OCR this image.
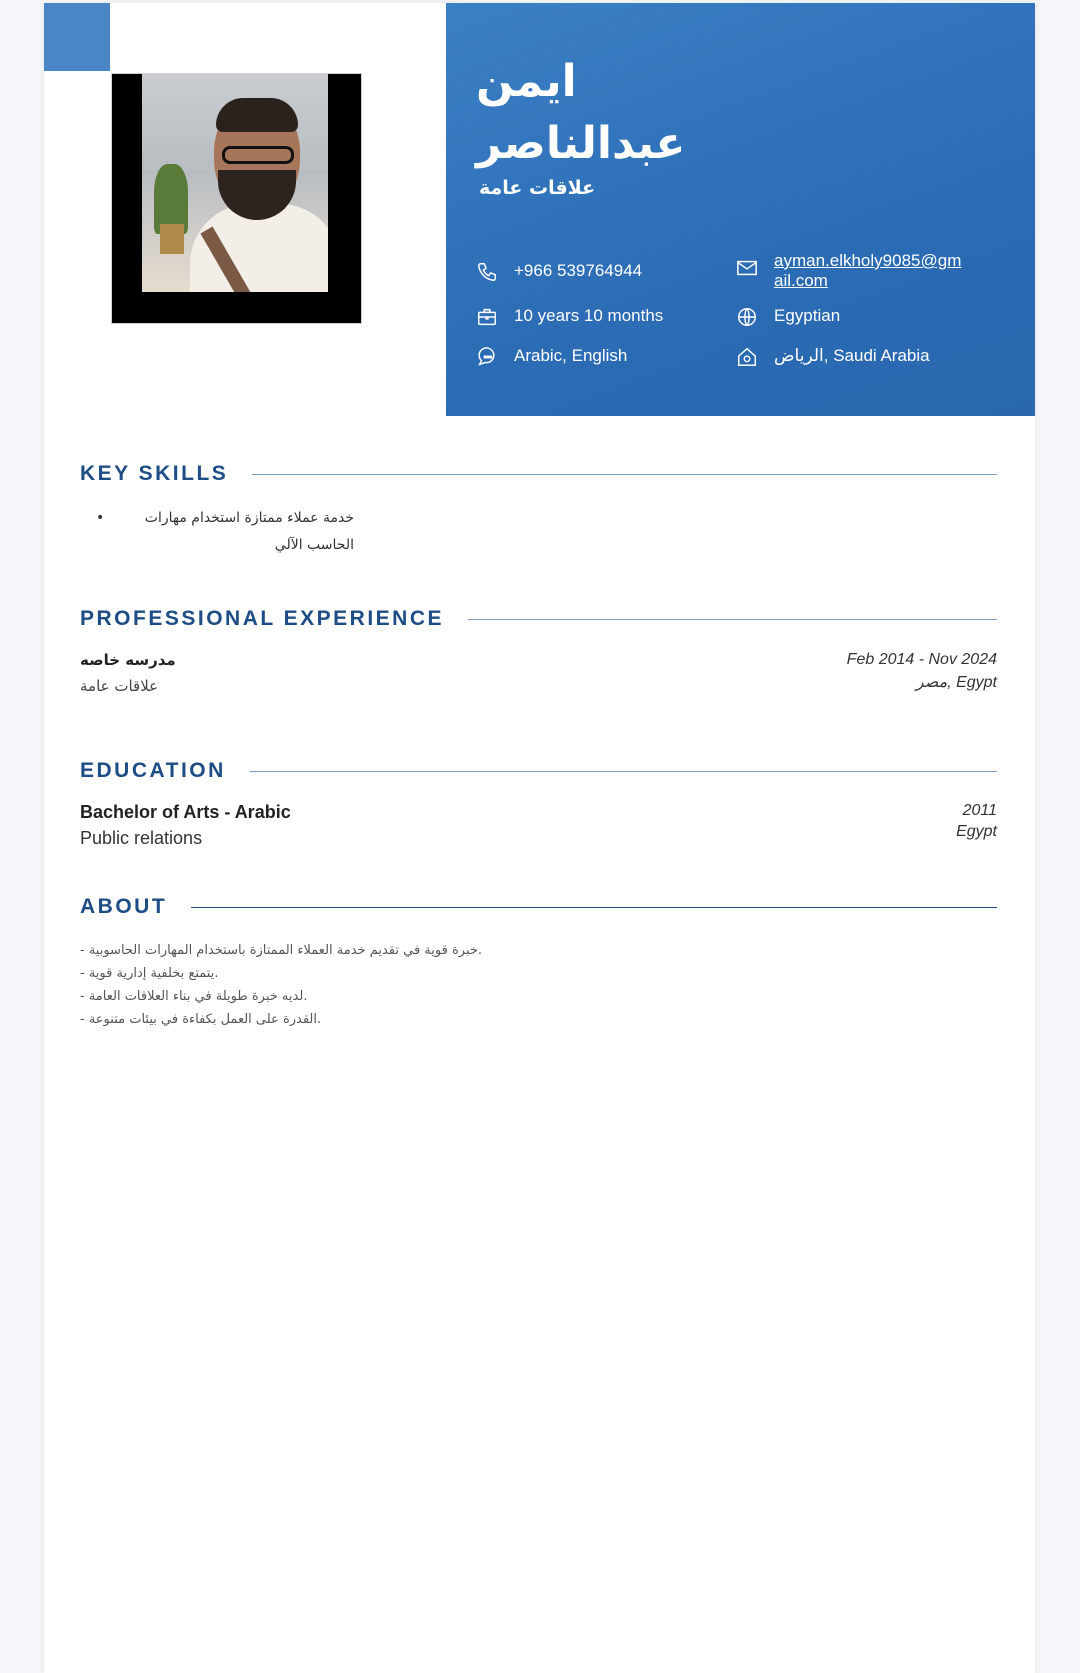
ايمن
عبدالناصر
علاقات عامة
+966 539764944
ayman.elkholy9085@gm
ail.com
10 years 10 months	Egyptian
Arabic, English	الرياض, Saudi Arabia
KEY SKILLS
•	خدمة عملاء ممتازة استخدام مهارات الحاسب الآلي
PROFESSIONAL EXPERIENCE
مدرسه خاصه
علاقات عامة
Feb 2014 - Nov 2024
مصر, Egypt
EDUCATION
Bachelor of Arts - Arabic
Public relations
2011
Egypt
ABOUT
- خبرة قوية في تقديم خدمة العملاء الممتازة باستخدام المهارات الحاسوبية.
- يتمتع بخلفية إدارية قوية.
- لديه خبرة طويلة في بناء العلاقات العامة.
- القدرة على العمل بكفاءة في بيئات متنوعة.
